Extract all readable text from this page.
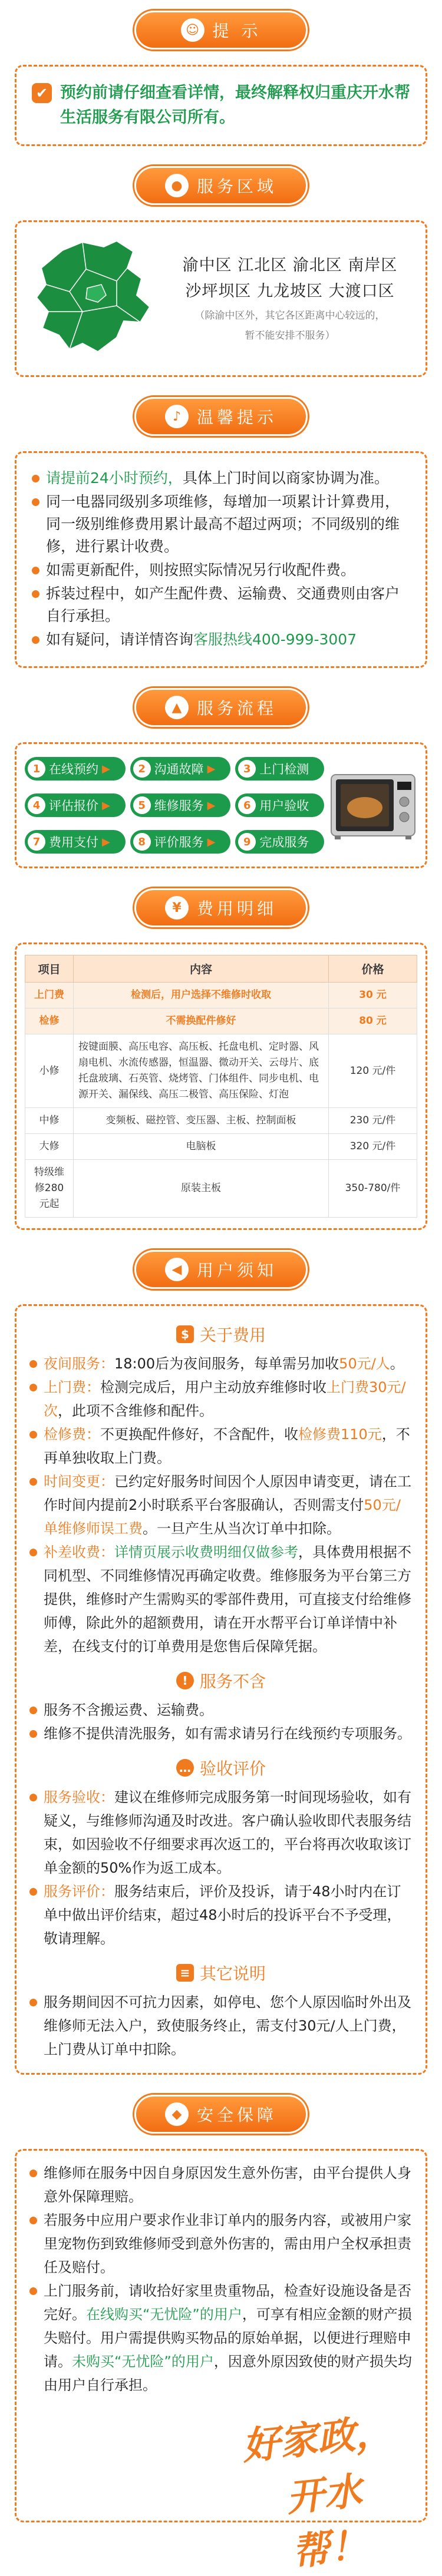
☺ 提 示
✔ 预约前请仔细查看详情，最终解释权归重庆开水帮生活服务有限公司所有。

● 服务区域
渝中区 江北区 渝北区 南岸区
沙坪坝区 九龙坡区 大渡口区
（除渝中区外，其它各区距离中心较远的，
暂不能安排不服务）
♪ 温馨提示
请提前24小时预约，具体上门时间以商家协调为准。
同一电器同级别多项维修，每增加一项累计计算费用，同一级别维修费用累计最高不超过两项；不同级别的维修，进行累计收费。
如需更新配件，则按照实际情况另行收配件费。
拆装过程中，如产生配件费、运输费、交通费则由客户自行承担。
如有疑问，请详情咨询客服热线400-999-3007
▲ 服务流程
1 在线预约 ▶	2 沟通故障 ▶	3 上门检测
4 评估报价 ▶	5 维修服务 ▶	6 用户验收
7 费用支付 ▶	8 评价服务 ▶	9 完成服务
¥ 费用明细
项目	内容	价格
上门费	检测后，用户选择不维修时收取	30 元
检修	不需换配件修好	80 元
小修	按键面膜、高压电容、高压板、托盘电机、定时器、风扇电机、水流传感器，恒温器、微动开关、云母片、底托盘玻璃、石英管、烧烤管、门体组件、同步电机、电源开关、漏保线、高压二极管、高压保险、灯泡	120 元/件
中修	变频板、磁控管、变压器、主板、控制面板	230 元/件
大修	电脑板	320 元/件
特级维修280元起	原装主板	350-780/件
◀ 用户须知
$ 关于费用
夜间服务：18:00后为夜间服务，每单需另加收50元/人。
上门费：检测完成后，用户主动放弃维修时收上门费30元/次，此项不含维修和配件。
检修费：不更换配件修好，不含配件，收检修费110元，不再单独收取上门费。
时间变更：已约定好服务时间因个人原因申请变更，请在工作时间内提前2小时联系平台客服确认，否则需支付50元/单维修师误工费。一旦产生从当次订单中扣除。
补差收费：详情页展示收费明细仅做参考，具体费用根据不同机型、不同维修情况再确定收费。维修服务为平台第三方提供，维修时产生需购买的零部件费用，可直接支付给维修师傅，除此外的超额费用，请在开水帮平台订单详情中补差，在线支付的订单费用是您售后保障凭据。
! 服务不含
服务不含搬运费、运输费。
维修不提供清洗服务，如有需求请另行在线预约专项服务。
… 验收评价
服务验收：建议在维修师完成服务第一时间现场验收，如有疑义，与维修师沟通及时改进。客户确认验收即代表服务结束，如因验收不仔细要求再次返工的，平台将再次收取该订单金额的50%作为返工成本。
服务评价：服务结束后，评价及投诉，请于48小时内在订单中做出评价结束，超过48小时后的投诉平台不予受理，敬请理解。
≡ 其它说明
服务期间因不可抗力因素，如停电、您个人原因临时外出及维修师无法入户，致使服务终止，需支付30元/人上门费，上门费从订单中扣除。
◆ 安全保障
维修师在服务中因自身原因发生意外伤害，由平台提供人身意外保障理赔。
若服务中应用户要求作业非订单内的服务内容，或被用户家里宠物伤到致维修师受到意外伤害的，需由用户全权承担责任及赔付。
上门服务前，请收拾好家里贵重物品，检查好设施设备是否完好。在线购买“无忧险”的用户，可享有相应金额的财产损失赔付。用户需提供购买物品的原始单据，以便进行理赔申请。未购买“无忧险”的用户，因意外原因致使的财产损失均由用户自行承担。
好家政，
开水帮！
